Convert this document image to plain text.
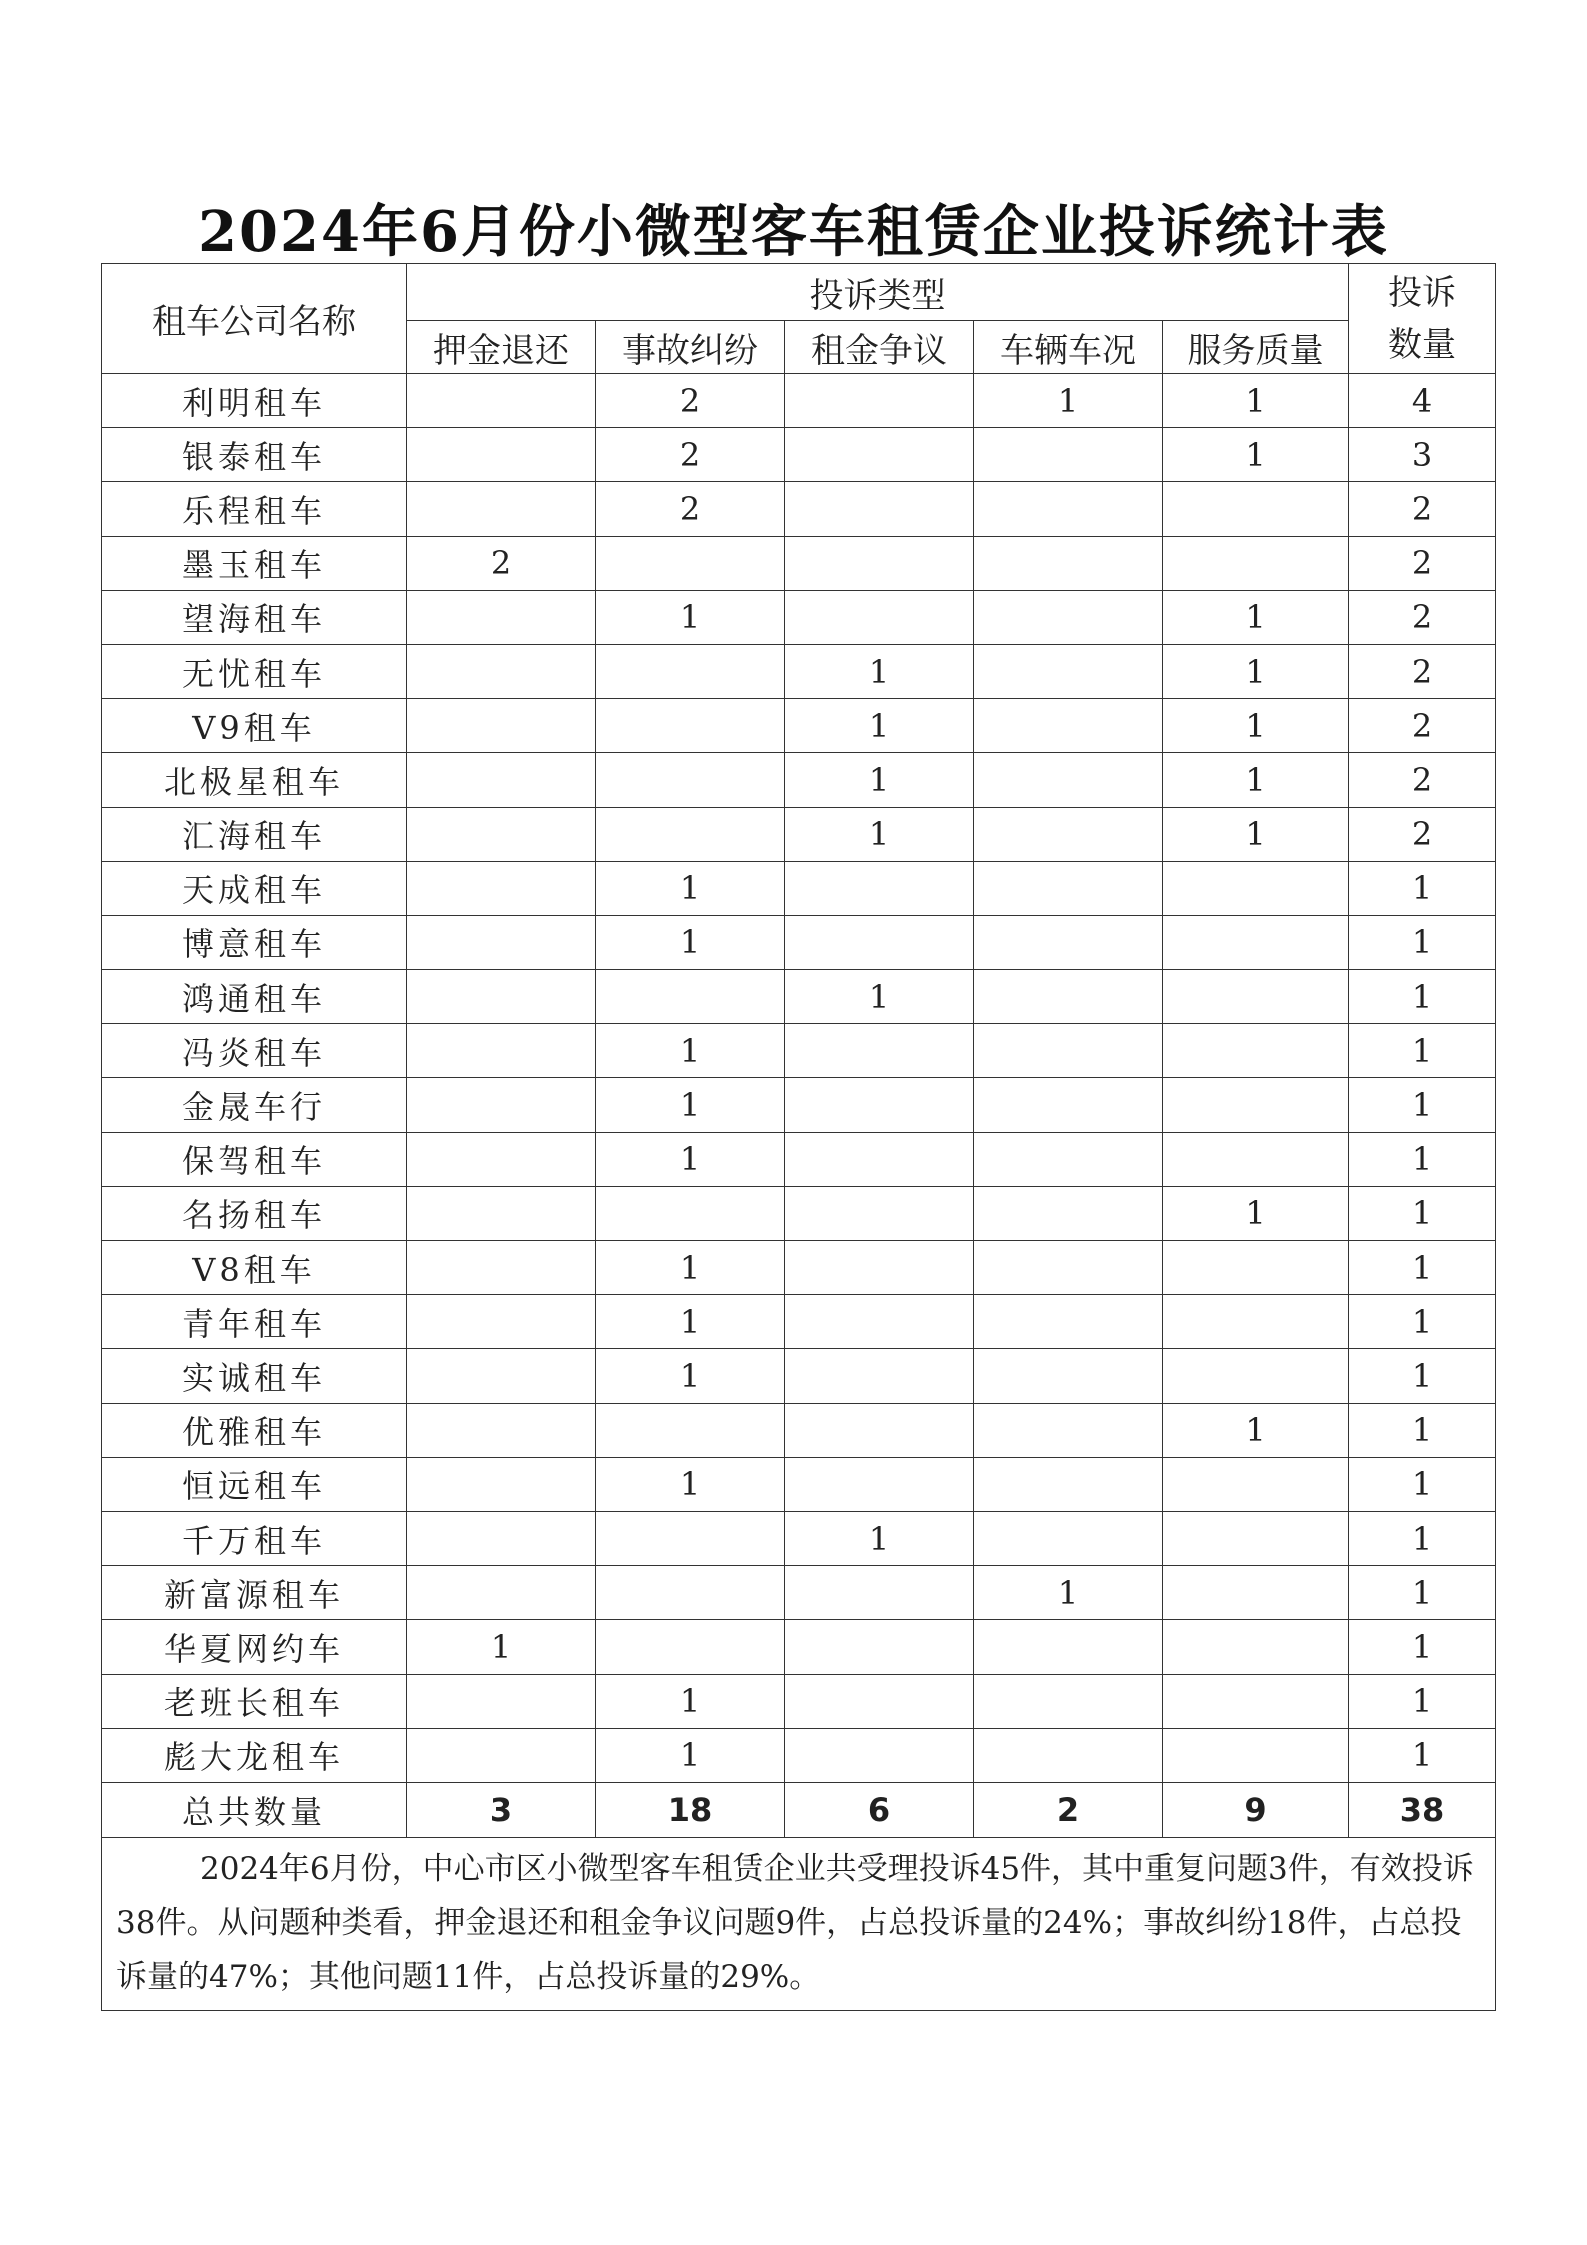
2024年6月份小微型客车租赁企业投诉统计表
租车公司名称	投诉类型					投诉数量
	押金退还	事故纠纷	租金争议	车辆车况	服务质量	
利明租车		2		1	1	4
银泰租车		2			1	3
乐程租车		2				2
墨玉租车	2					2
望海租车		1			1	2
无忧租车			1		1	2
V9租车			1		1	2
北极星租车			1		1	2
汇海租车			1		1	2
天成租车		1				1
博意租车		1				1
鸿通租车			1			1
冯炎租车		1				1
金晟车行		1				1
保驾租车		1				1
名扬租车					1	1
V8租车		1				1
青年租车		1				1
实诚租车		1				1
优雅租车					1	1
恒远租车		1				1
千万租车			1			1
新富源租车				1		1
华夏网约车	1					1
老班长租车		1				1
彪大龙租车		1				1
总共数量	3	18	6	2	9	38
2024年6月份，中心市区小微型客车租赁企业共受理投诉45件，其中重复问题3件，有效投诉38件。从问题种类看，押金退还和租金争议问题9件，占总投诉量的24%；事故纠纷18件，占总投诉量的47%；其他问题11件，占总投诉量的29%。						
